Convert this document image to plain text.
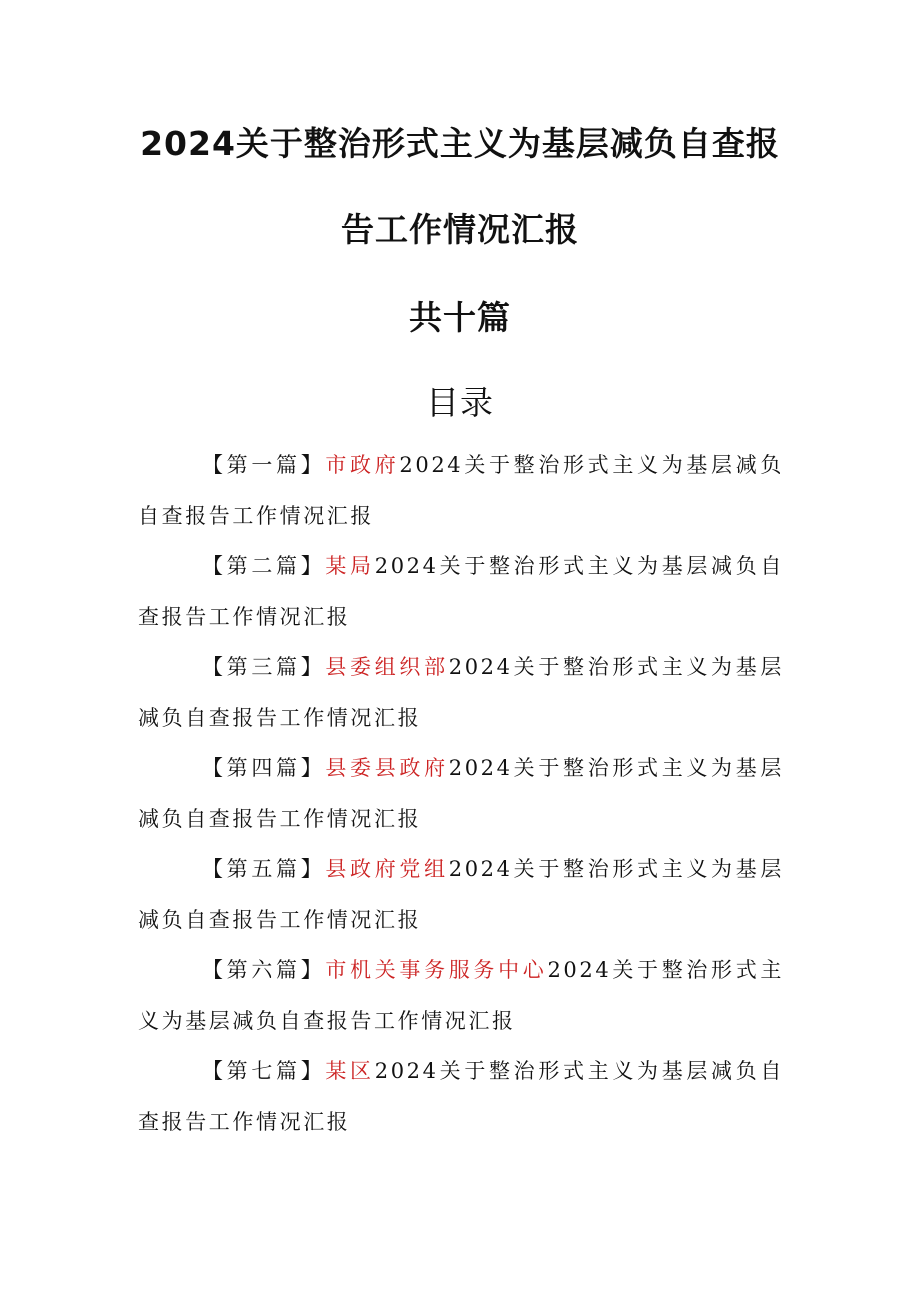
2024关于整治形式主义为基层减负自查报
告工作情况汇报
共十篇
目录
【第一篇】市政府2024关于整治形式主义为基层减负自查报告工作情况汇报
【第二篇】某局2024关于整治形式主义为基层减负自查报告工作情况汇报
【第三篇】县委组织部2024关于整治形式主义为基层减负自查报告工作情况汇报
【第四篇】县委县政府2024关于整治形式主义为基层减负自查报告工作情况汇报
【第五篇】县政府党组2024关于整治形式主义为基层减负自查报告工作情况汇报
【第六篇】市机关事务服务中心2024关于整治形式主义为基层减负自查报告工作情况汇报
【第七篇】某区2024关于整治形式主义为基层减负自查报告工作情况汇报
